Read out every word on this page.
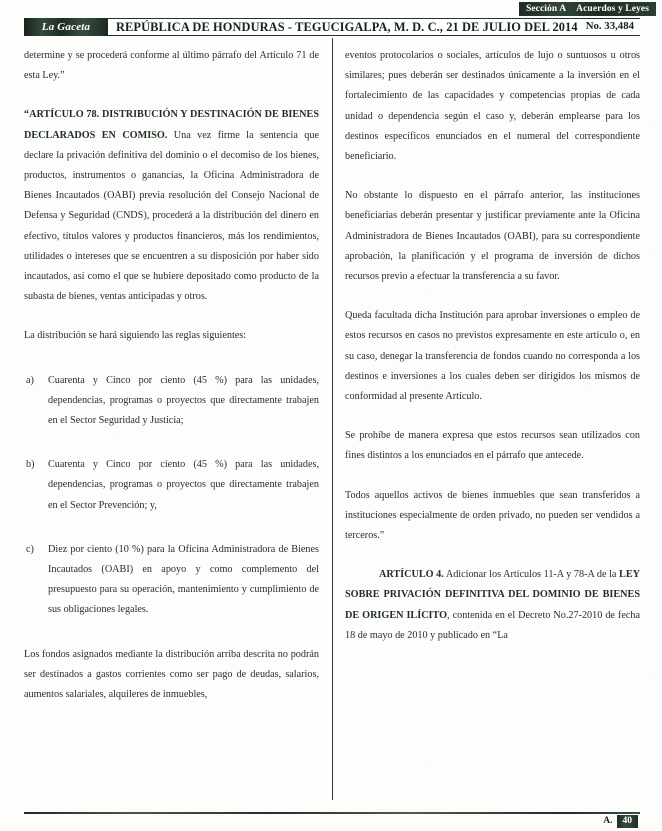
Sección A Acuerdos y Leyes
La Gaceta	REPÚBLICA DE HONDURAS - TEGUCIGALPA, M. D. C., 21 DE JULIO DEL 2014 No. 33,484

determine y se procederá conforme al último párrafo del Artículo 71 de esta Ley.”

“ARTÍCULO 78. DISTRIBUCIÓN Y DESTINACIÓN DE BIENES DECLARADOS EN COMISO. Una vez firme la sentencia que declare la privación definitiva del dominio o el decomiso de los bienes, productos, instrumentos o ganancias, la Oficina Administradora de Bienes Incautados (OABI) previa resolución del Consejo Nacional de Defensa y Seguridad (CNDS), procederá a la distribución del dinero en efectivo, títulos valores y productos financieros, más los rendimientos, utilidades o intereses que se encuentren a su disposición por haber sido incautados, así como el que se hubiere depositado como producto de la subasta de bienes, ventas anticipadas y otros.

La distribución se hará siguiendo las reglas siguientes:

a) Cuarenta y Cinco por ciento (45 %) para las unidades, dependencias, programas o proyectos que directamente trabajen en el Sector Seguridad y Justicia;
b) Cuarenta y Cinco por ciento (45 %) para las unidades, dependencias, programas o proyectos que directamente trabajen en el Sector Prevención; y,
c) Diez por ciento (10 %) para la Oficina Administradora de Bienes Incautados (OABI) en apoyo y como complemento del presupuesto para su operación, mantenimiento y cumplimiento de sus obligaciones legales.

Los fondos asignados mediante la distribución arriba descrita no podrán ser destinados a gastos corrientes como ser pago de deudas, salarios, aumentos salariales, alquileres de inmuebles,

eventos protocolarios o sociales, artículos de lujo o suntuosos u otros similares; pues deberán ser destinados únicamente a la inversión en el fortalecimiento de las capacidades y competencias propias de cada unidad o dependencia según el caso y, deberán emplearse para los destinos específicos enunciados en el numeral del correspondiente beneficiario.

No obstante lo dispuesto en el párrafo anterior, las instituciones beneficiarias deberán presentar y justificar previamente ante la Oficina Administradora de Bienes Incautados (OABI), para su correspondiente aprobación, la planificación y el programa de inversión de dichos recursos previo a efectuar la transferencia a su favor.

Queda facultada dicha Institución para aprobar inversiones o empleo de estos recursos en casos no previstos expresamente en este artículo o, en su caso, denegar la transferencia de fondos cuando no corresponda a los destinos e inversiones a los cuales deben ser dirigidos los mismos de conformidad al presente Artículo.

Se prohíbe de manera expresa que estos recursos sean utilizados con fines distintos a los enunciados en el párrafo que antecede.

Todos aquellos activos de bienes inmuebles que sean transferidos a instituciones especialmente de orden privado, no pueden ser vendidos a terceros.”

ARTÍCULO 4. Adicionar los Artículos 11-A y 78-A de la LEY SOBRE PRIVACIÓN DEFINITIVA DEL DOMINIO DE BIENES DE ORIGEN ILÍCITO, contenida en el Decreto No.27-2010 de fecha 18 de mayo de 2010 y publicado en “La

A. 40
